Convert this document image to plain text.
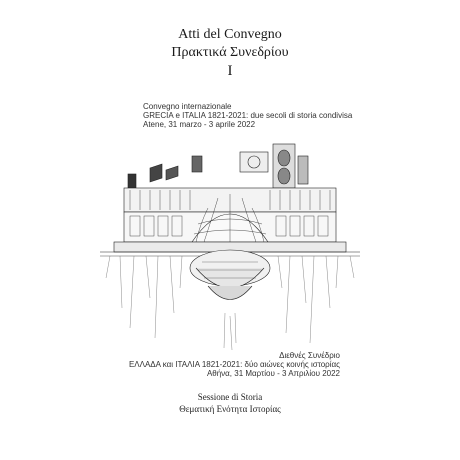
Atti del Convegno
Πρακτικά Συνεδρίου
I
Convegno internazionale
GRECIA e ITALIA 1821-2021: due secoli di storia condivisa
Atene, 31 marzo - 3 aprile 2022
Διεθνές Συνέδριο
ΕΛΛΑΔΑ και ΙΤΑΛΙΑ 1821-2021: δύο αιώνες κοινής ιστορίας
Αθήνα, 31 Μαρτίου - 3 Απριλίου 2022
Sessione di Storia
Θεματική Ενότητα Ιστορίας
